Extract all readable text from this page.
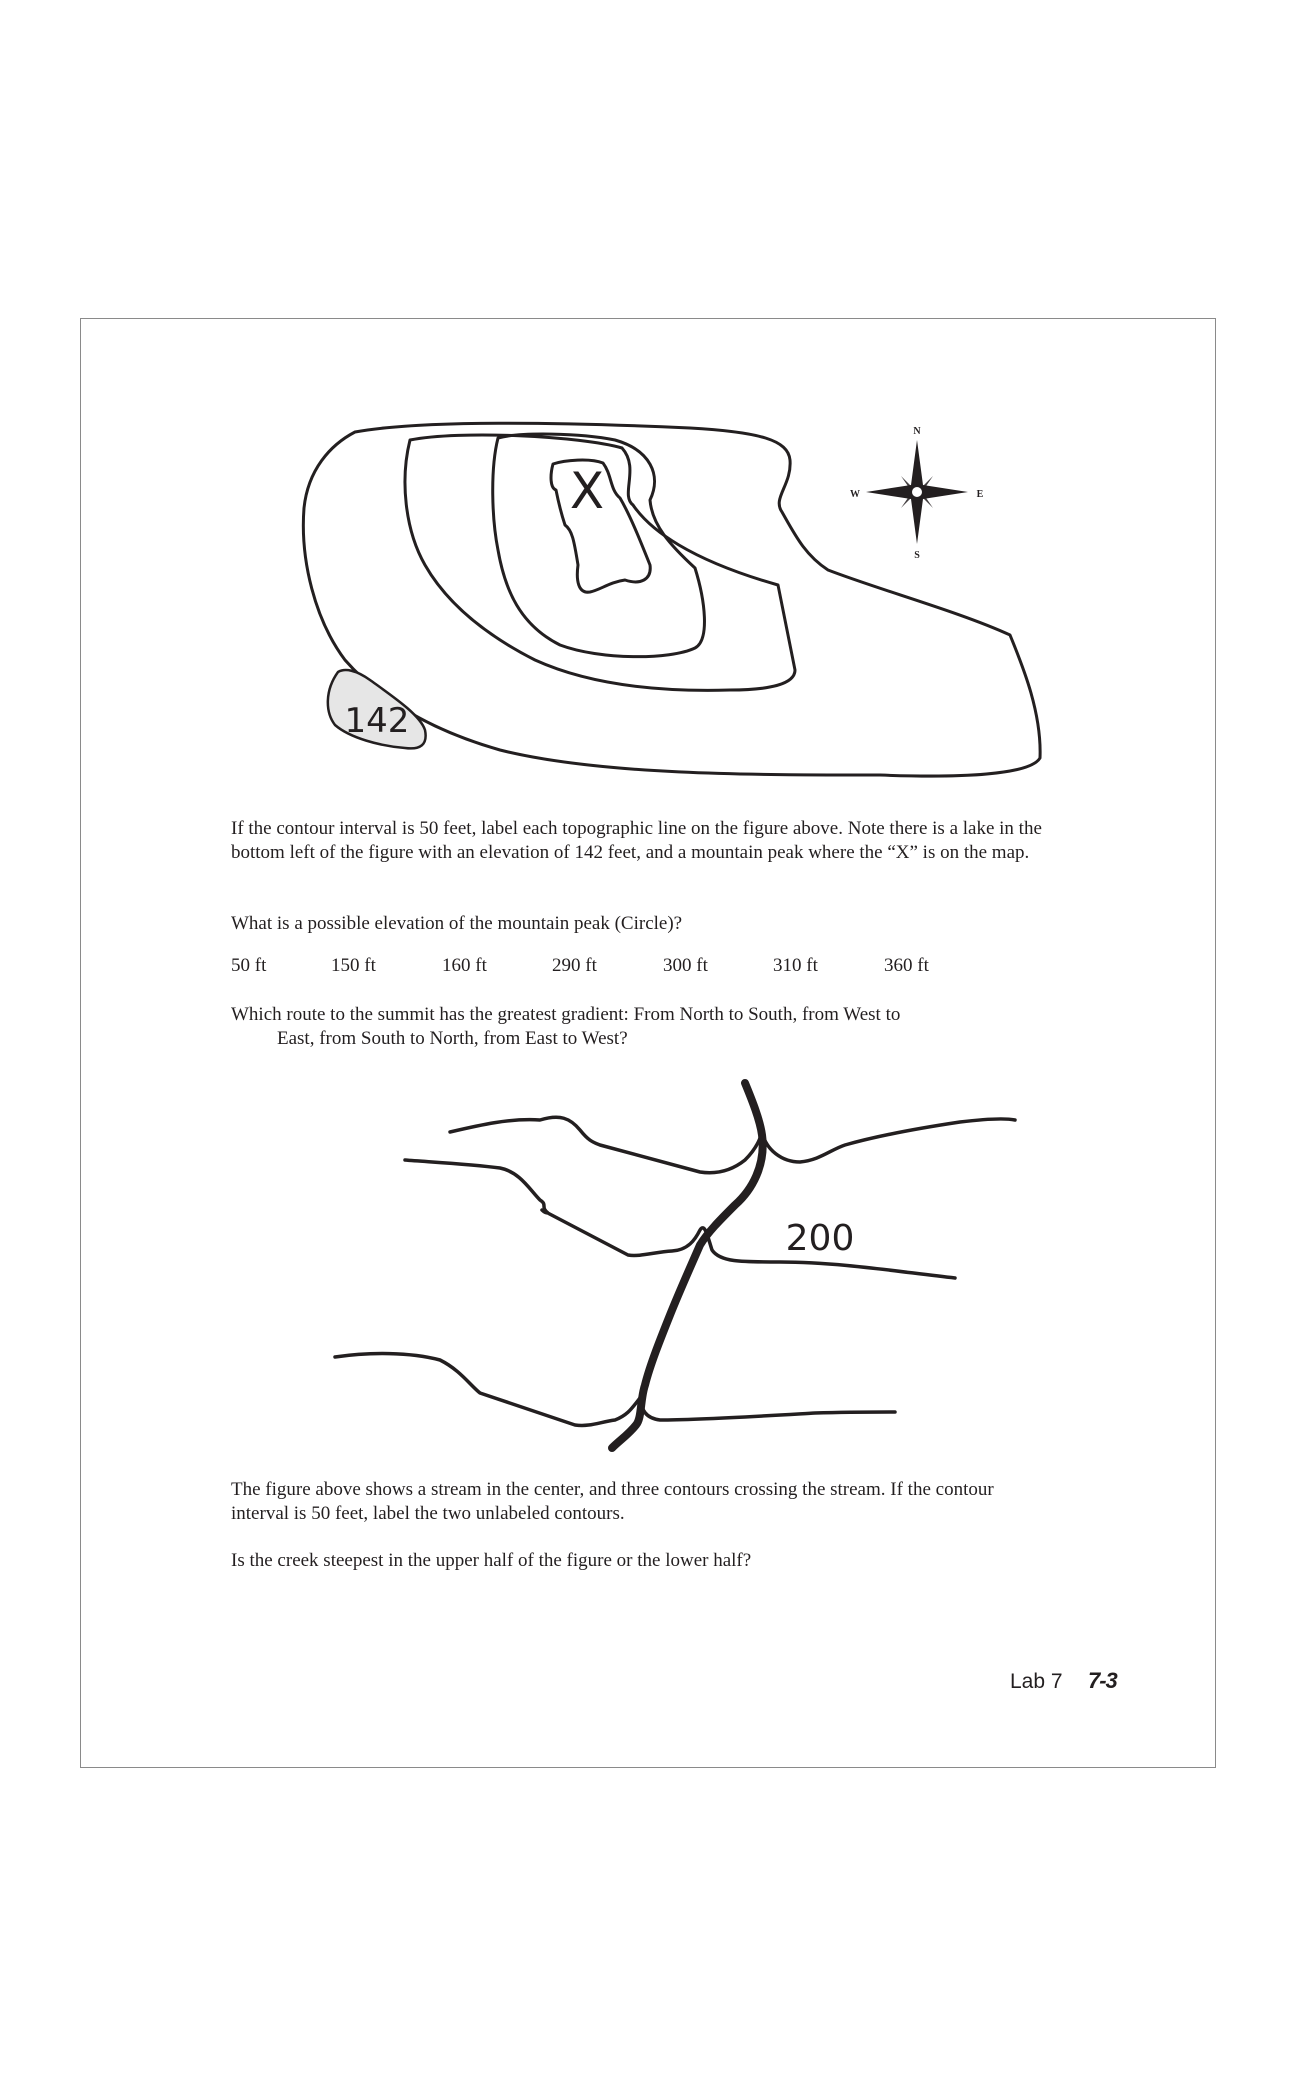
X
142
N
S
E
W
If the contour interval is 50 feet, label each topographic line on the figure above. Note there is a lake in the bottom left of the figure with an elevation of 142 feet, and a mountain peak where the “X” is on the map.
What is a possible elevation of the mountain peak (Circle)?
50 ft	150 ft	160 ft	290 ft	300 ft	310 ft	360 ft
Which route to the summit has the greatest gradient: From North to South, from West to
East, from South to North, from East to West?
200
The figure above shows a stream in the center, and three contours crossing the stream. If the contour interval is 50 feet, label the two unlabeled contours.
Is the creek steepest in the upper half of the figure or the lower half?
Lab 7 7-3
